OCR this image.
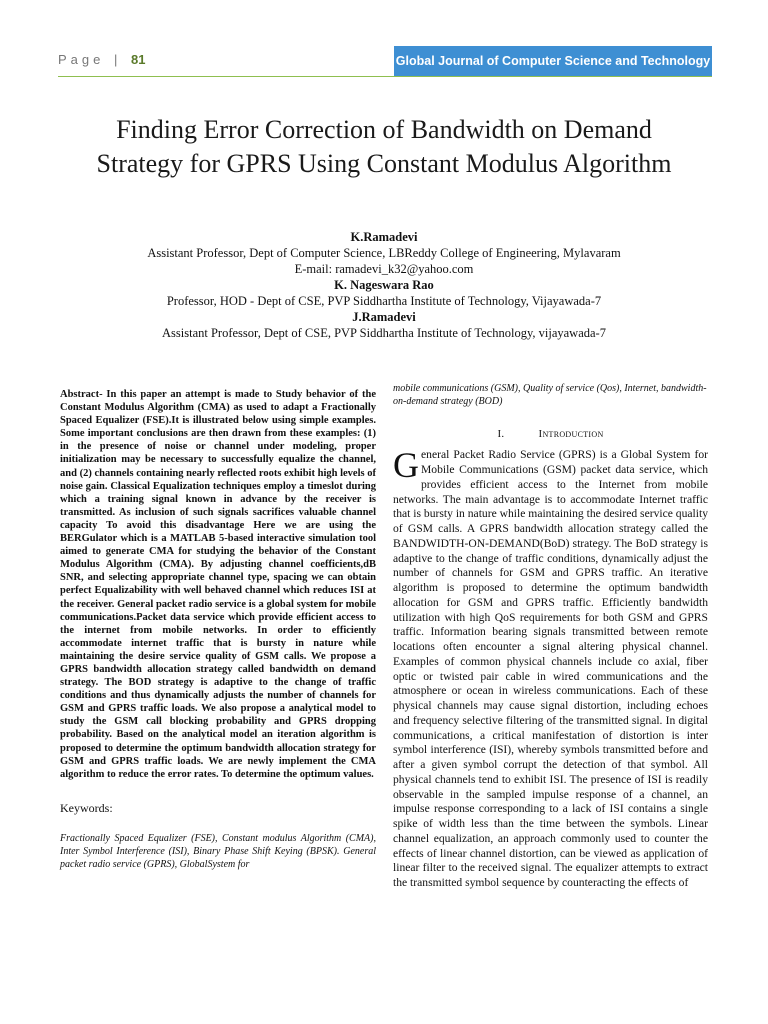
Page | 81	Global Journal of Computer Science and Technology
Finding Error Correction of Bandwidth on Demand Strategy for GPRS Using Constant Modulus Algorithm
K.Ramadevi
Assistant Professor, Dept of Computer Science, LBReddy College of Engineering, Mylavaram
E-mail: ramadevi_k32@yahoo.com
K. Nageswara Rao
Professor, HOD - Dept of CSE, PVP Siddhartha Institute of Technology, Vijayawada-7
J.Ramadevi
Assistant Professor, Dept of CSE, PVP Siddhartha Institute of Technology, vijayawada-7

Abstract- In this paper an attempt is made to Study behavior of the Constant Modulus Algorithm (CMA) as used to adapt a Fractionally Spaced Equalizer (FSE).It is illustrated below using simple examples. Some important conclusions are then drawn from these examples: (1) in the presence of noise or channel under modeling, proper initialization may be necessary to successfully equalize the channel, and (2) channels containing nearly reflected roots exhibit high levels of noise gain. Classical Equalization techniques employ a timeslot during which a training signal known in advance by the receiver is transmitted. As inclusion of such signals sacrifices valuable channel capacity To avoid this disadvantage Here we are using the BERGulator which is a MATLAB 5-based interactive simulation tool aimed to generate CMA for studying the behavior of the Constant Modulus Algorithm (CMA). By adjusting channel coefficients,dB SNR, and selecting appropriate channel type, spacing we can obtain perfect Equalizability with well behaved channel which reduces ISI at the receiver. General packet radio service is a global system for mobile communications.Packet data service which provide efficient access to the internet from mobile networks. In order to efficiently accommodate internet traffic that is bursty in nature while maintaining the desire service quality of GSM calls. We propose a GPRS bandwidth allocation strategy called bandwidth on demand strategy. The BOD strategy is adaptive to the change of traffic conditions and thus dynamically adjusts the number of channels for GSM and GPRS traffic loads. We also propose a analytical model to study the GSM call blocking probability and GPRS dropping probability. Based on the analytical model an iteration algorithm is proposed to determine the optimum bandwidth allocation strategy for GSM and GPRS traffic loads. We are newly implement the CMA algorithm to reduce the error rates. To determine the optimum values.

Keywords:
Fractionally Spaced Equalizer (FSE), Constant modulus Algorithm (CMA), Inter Symbol Interference (ISI), Binary Phase Shift Keying (BPSK). General packet radio service (GPRS), GlobalSystem for

mobile communications (GSM), Quality of service (Qos), Internet, bandwidth-on-demand strategy (BOD)

I.	Introduction

General Packet Radio Service (GPRS) is a Global System for Mobile Communications (GSM) packet data service, which provides efficient access to the Internet from mobile networks. The main advantage is to accommodate Internet traffic that is bursty in nature while maintaining the desired service quality of GSM calls. A GPRS bandwidth allocation strategy called the BANDWIDTH-ON-DEMAND(BoD) strategy. The BoD strategy is adaptive to the change of traffic conditions, dynamically adjust the number of channels for GSM and GPRS traffic. An iterative algorithm is proposed to determine the optimum bandwidth allocation for GSM and GPRS traffic. Efficiently bandwidth utilization with high QoS requirements for both GSM and GPRS traffic. Information bearing signals transmitted between remote locations often encounter a signal altering physical channel. Examples of common physical channels include co axial, fiber optic or twisted pair cable in wired communications and the atmosphere or ocean in wireless communications. Each of these physical channels may cause signal distortion, including echoes and frequency selective filtering of the transmitted signal. In digital communications, a critical manifestation of distortion is inter symbol interference (ISI), whereby symbols transmitted before and after a given symbol corrupt the detection of that symbol. All physical channels tend to exhibit ISI. The presence of ISI is readily observable in the sampled impulse response of a channel, an impulse response corresponding to a lack of ISI contains a single spike of width less than the time between the symbols. Linear channel equalization, an approach commonly used to counter the effects of linear channel distortion, can be viewed as application of linear filter to the received signal. The equalizer attempts to extract the transmitted symbol sequence by counteracting the effects of
